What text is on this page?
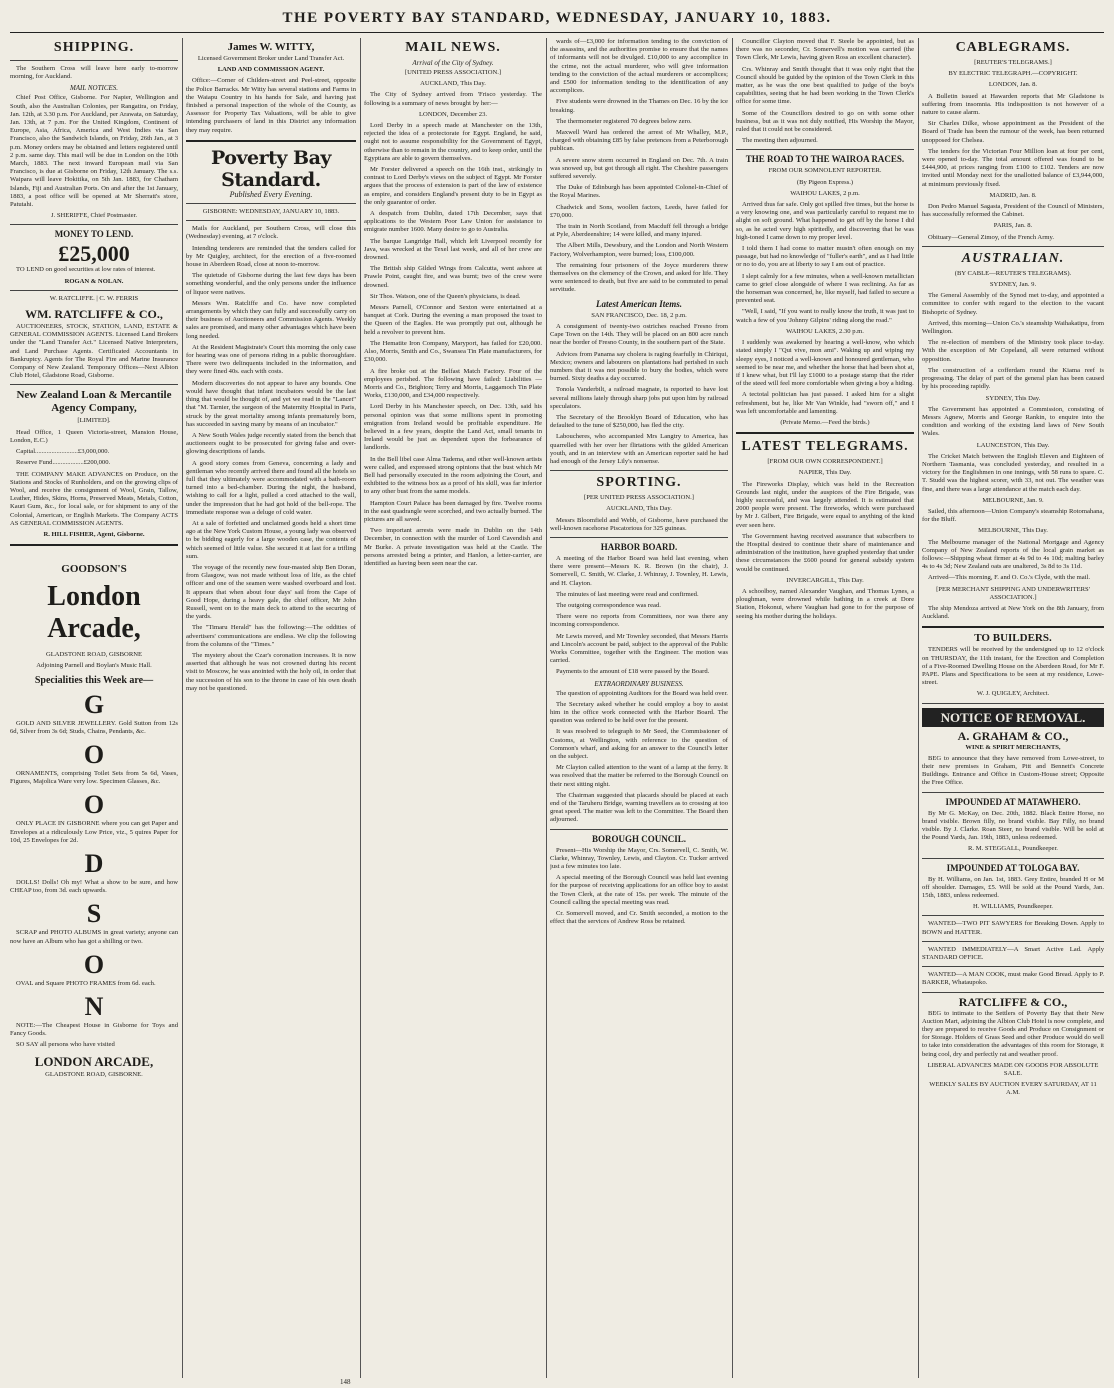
THE POVERTY BAY STANDARD, WEDNESDAY, JANUARY 10, 1883.
SHIPPING.

The Southern Cross will leave here early to-morrow morning, for Auckland.

MAIL NOTICES.

Chief Post Office, Gisborne. For Napier, Wellington and South, also the Australian Colonies, per Rangatira, on Friday, Jan. 12th, at 3.30 p.m. For Auckland, per Arawata, on Saturday, Jan. 13th, at 7 p.m. For the United Kingdom, Continent of Europe, Asia, Africa, America and West Indies via San Francisco, also the Sandwich Islands, on Friday, 26th Jan., at 3 p.m. Money orders may be obtained and letters registered until 2 p.m. same day. This mail will be due in London on the 10th March, 1883. The next inward European mail via San Francisco, is due at Gisborne on Friday, 12th January. The s.s. Waipara will leave Hokitika, on 5th Jan. 1883, for Chatham Islands, Fiji and Australian Ports. On and after the 1st January, 1883, a post office will be opened at Mr Sherratt's store, Patutahi.

J. SHERIFFE, Chief Postmaster.

MONEY TO LEND.
£25,000

TO LEND on good securities at low rates of interest.

ROGAN & NOLAN.

W. RATCLIFFE. | C. W. FERRIS

WM. RATCLIFFE & CO.,

AUCTIONEERS, STOCK, STATION, LAND, ESTATE & GENERAL COMMISSION AGENTS. Licensed Land Brokers under the "Land Transfer Act." Licensed Native Interpreters, and Land Purchase Agents. Certificated Accountants in Bankruptcy. Agents for The Royal Fire and Marine Insurance Company of New Zealand. Temporary Offices—Next Albion Club Hotel, Gladstone Road, Gisborne.

New Zealand Loan & Mercantile Agency Company,

[LIMITED].

Head Office, 1 Queen Victoria-street, Mansion House, London, E.C.)

Capital..........................£3,000,000.

Reserve Fund...................£200,000.

THE COMPANY MAKE ADVANCES on Produce, on the Stations and Stocks of Runholders, and on the growing clips of Wool, and receive the consignment of Wool, Grain, Tallow, Leather, Hides, Skins, Horns, Preserved Meats, Metals, Cotton, Kauri Gum, &c., for local sale, or for shipment to any of the Colonial, American, or English Markets. The Company ACTS AS GENERAL COMMISSION AGENTS.

R. HILL FISHER, Agent, Gisborne.

GOODSON'S
London Arcade,

GLADSTONE ROAD, GISBORNE

Adjoining Parnell and Boylan's Music Hall.

Specialities this Week are—
G

GOLD AND SILVER JEWELLERY. Gold Sutton from 12s 6d, Silver from 3s 6d; Studs, Chains, Pendants, &c.

O

ORNAMENTS, comprising Toilet Sets from 5s 6d, Vases, Figures, Majolica Ware very low. Specimen Glasses, &c.

O

ONLY PLACE IN GISBORNE where you can get Paper and Envelopes at a ridiculously Low Price, viz., 5 quires Paper for 10d, 25 Envelopes for 2d.

D

DOLLS! Dolls! Oh my! What a show to be sure, and how CHEAP too, from 3d. each upwards.

S

SCRAP and PHOTO ALBUMS in great variety; anyone can now have an Album who has got a shilling or two.

O

OVAL and Square PHOTO FRAMES from 6d. each.

N

NOTE:—The Cheapest House in Gisborne for Toys and Fancy Goods.

SO SAY all persons who have visited

LONDON ARCADE,

GLADSTONE ROAD, GISBORNE.

James W. WITTY,

Licensed Government Broker under Land Transfer Act.

LAND AND COMMISSION AGENT.

Office:—Corner of Childers-street and Peel-street, opposite the Police Barracks. Mr Witty has several stations and Farms in the Waiapu Country in his hands for Sale, and having just finished a personal inspection of the whole of the County, as Assessor for Property Tax Valuations, will be able to give intending purchasers of land in this District any information they may require.

Poverty Bay Standard.

Published Every Evening.

GISBORNE: WEDNESDAY, JANUARY 10, 1883.

Mails for Auckland, per Southern Cross, will close this (Wednesday) evening, at 7 o'clock.

Intending tenderers are reminded that the tenders called for by Mr Quigley, architect, for the erection of a five-roomed house in Aberdeen Road, close at noon to-morrow.

The quietude of Gisborne during the last few days has been something wonderful, and the only persons under the influence of liquor were natives.

Messrs Wm. Ratcliffe and Co. have now completed arrangements by which they can fully and successfully carry on their business of Auctioneers and Commission Agents. Weekly sales are promised, and many other advantages which have been long needed.

At the Resident Magistrate's Court this morning the only case for hearing was one of persons riding in a public thoroughfare. There were two delinquents included in the information, and they were fined 40s. each with costs.

Modern discoveries do not appear to have any bounds. One would have thought that infant incubators would be the last thing that would be thought of, and yet we read in the "Lancet" that "M. Tarnier, the surgeon of the Maternity Hospital in Paris, struck by the great mortality among infants prematurely born, has succeeded in saving many by means of an incubator."

A New South Wales judge recently stated from the bench that auctioneers ought to be prosecuted for giving false and over-glowing descriptions of lands.

A good story comes from Geneva, concerning a lady and gentleman who recently arrived there and found all the hotels so full that they ultimately were accommodated with a bath-room turned into a bed-chamber. During the night, the husband, wishing to call for a light, pulled a cord attached to the wall, under the impression that he had got hold of the bell-rope. The immediate response was a deluge of cold water.

At a sale of forfeited and unclaimed goods held a short time ago at the New York Custom House, a young lady was observed to be bidding eagerly for a large wooden case, the contents of which seemed of little value. She secured it at last for a trifling sum.

The voyage of the recently new four-masted ship Ben Doran, from Glasgow, was not made without loss of life, as the chief officer and one of the seamen were washed overboard and lost. It appears that when about four days' sail from the Cape of Good Hope, during a heavy gale, the chief officer, Mr John Russell, went on to the main deck to attend to the securing of the yards.

The "Timaru Herald" has the following:—The oddities of advertisers' communications are endless. We clip the following from the columns of the "Times."

The mystery about the Czar's coronation increases. It is now asserted that although he was not crowned during his recent visit to Moscow, he was anointed with the holy oil, in order that the succession of his son to the throne in case of his own death may not be questioned.

148
MAIL NEWS.
Arrival of the City of Sydney.

[UNITED PRESS ASSOCIATION.]

AUCKLAND, This Day.

The City of Sydney arrived from 'Frisco yesterday. The following is a summary of news brought by her:—

LONDON, December 23.

Lord Derby in a speech made at Manchester on the 13th, rejected the idea of a protectorate for Egypt. England, he said, ought not to assume responsibility for the Government of Egypt, otherwise than to remain in the country, and to keep order, until the Egyptians are able to govern themselves.

Mr Forster delivered a speech on the 16th inst., strikingly in contrast to Lord Derby's views on the subject of Egypt. Mr Forster argues that the process of extension is part of the law of existence as empire, and considers England's present duty to be in Egypt as the only guarantor of order.

A despatch from Dublin, dated 17th December, says that applications to the Western Poor Law Union for assistance to emigrate number 1600. Many desire to go to Australia.

The barque Langridge Hall, which left Liverpool recently for Java, was wrecked at the Texel last week, and all of her crew are drowned.

The British ship Gilded Wings from Calcutta, went ashore at Prawle Point, caught fire, and was burnt; two of the crew were drowned.

Sir Thos. Watson, one of the Queen's physicians, is dead.

Messrs Parnell, O'Connor and Sexton were entertained at a banquet at Cork. During the evening a man proposed the toast to the Queen of the Eagles. He was promptly put out, although he held a revolver to prevent him.

The Hematite Iron Company, Maryport, has failed for £20,000. Also, Morris, Smith and Co., Swansea Tin Plate manufacturers, for £30,000.

A fire broke out at the Belfast Match Factory. Four of the employees perished. The following have failed: Liabilities — Morris and Co., Brighton; Terry and Morris, Laggamoch Tin Plate Works, £130,000, and £34,000 respectively.

Lord Derby in his Manchester speech, on Dec. 13th, said his personal opinion was that some millions spent in promoting emigration from Ireland would be profitable expenditure. He believed in a few years, despite the Land Act, small tenants in Ireland would be just as dependent upon the forbearance of landlords.

In the Bell libel case Alma Tadema, and other well-known artists were called, and expressed strong opinions that the bust which Mr Bell had personally executed in the room adjoining the Court, and exhibited to the witness box as a proof of his skill, was far inferior to any other bust from the same models.

Hampton Court Palace has been damaged by fire. Twelve rooms in the east quadrangle were scorched, and two actually burned. The pictures are all saved.

Two important arrests were made in Dublin on the 14th December, in connection with the murder of Lord Cavendish and Mr Burke. A private investigation was held at the Castle. The persons arrested being a printer, and Hanlon, a letter-carrier, are identified as having been seen near the car.

wards of—£3,000 for information tending to the conviction of the assassins, and the authorities promise to ensure that the names of informants will not be divulged. £10,000 to any accomplice in the crime, not the actual murderer, who will give information tending to the conviction of the actual murderers or accomplices; and £500 for information tending to the identification of any accomplices.

Five students were drowned in the Thames on Dec. 16 by the ice breaking.

The thermometer registered 70 degrees below zero.

Maxwell Ward has ordered the arrest of Mr Whalley, M.P., charged with obtaining £85 by false pretences from a Peterborough publican.

A severe snow storm occurred in England on Dec. 7th. A train was snowed up, but got through all right. The Cheshire passengers suffered severely.

The Duke of Edinburgh has been appointed Colonel-in-Chief of the Royal Marines.

Chadwick and Sons, woollen factors, Leeds, have failed for £70,000.

The train in North Scotland, from Macduff fell through a bridge at Pyle, Aberdeenshire; 14 were killed, and many injured.

The Albert Mills, Dewsbury, and the London and North Western Factory, Wolverhampton, were burned; loss, £100,000.

The remaining four prisoners of the Joyce murderers threw themselves on the clemency of the Crown, and asked for life. They were sentenced to death, but five are said to be commuted to penal servitude.

Latest American Items.

SAN FRANCISCO, Dec. 18, 2 p.m.

A consignment of twenty-two ostriches reached Fresno from Cape Town on the 14th. They will be placed on an 800 acre ranch near the border of Fresno County, in the southern part of the State.

Advices from Panama say cholera is raging fearfully in Chiriqui, Mexico; owners and labourers on plantations had perished in such numbers that it was not possible to bury the bodies, which were burned. Sixty deaths a day occurred.

Tonola Vanderbilt, a railroad magnate, is reported to have lost several millions lately through sharp jobs put upon him by railroad speculators.

The Secretary of the Brooklyn Board of Education, who has defaulted to the tune of $250,000, has fled the city.

Laboucheres, who accompanied Mrs Langtry to America, has quarrelled with her over her flirtations with the gilded American youth, and in an interview with an American reporter said he had had enough of the Jersey Lily's nonsense.

SPORTING.

[PER UNITED PRESS ASSOCIATION.]

AUCKLAND, This Day.

Messrs Bloomfield and Webb, of Gisborne, have purchased the well-known racehorse Piscatorious for 325 guineas.

HARBOR BOARD.

A meeting of the Harbor Board was held last evening, when there were present—Messrs K. R. Brown (in the chair), J. Somervell, C. Smith, W. Clarke, J. Whinray, J. Townley, H. Lewis, and H. Clayton.

The minutes of last meeting were read and confirmed.

The outgoing correspondence was read.

There were no reports from Committees, nor was there any incoming correspondence.

Mr Lewis moved, and Mr Townley seconded, that Messrs Harris and Lincoln's account be paid, subject to the approval of the Public Works Committee, together with the Engineer. The motion was carried.

Payments to the amount of £18 were passed by the Board.

EXTRAORDINARY BUSINESS.

The question of appointing Auditors for the Board was held over.

The Secretary asked whether he could employ a boy to assist him in the office work connected with the Harbor Board. The question was ordered to be held over for the present.

It was resolved to telegraph to Mr Seed, the Commissioner of Customs, at Wellington, with reference to the question of Common's wharf, and asking for an answer to the Council's letter on the subject.

Mr Clayton called attention to the want of a lamp at the ferry. It was resolved that the matter be referred to the Borough Council on their next sitting night.

The Chairman suggested that placards should be placed at each end of the Taruheru Bridge, warning travellers as to crossing at too great speed. The matter was left to the Committee. The Board then adjourned.

BOROUGH COUNCIL.

Present—His Worship the Mayor, Crs. Somervell, C. Smith, W. Clarke, Whinray, Townley, Lewis, and Clayton. Cr. Tucker arrived just a few minutes too late.

A special meeting of the Borough Council was held last evening for the purpose of receiving applications for an office boy to assist the Town Clerk, at the rate of 15s. per week. The minute of the Council calling the special meeting was read.

Cr. Somervell moved, and Cr. Smith seconded, a motion to the effect that the services of Andrew Ross be retained.

Councillor Clayton moved that F. Steele be appointed, but as there was no seconder, Cr. Somervell's motion was carried (the Town Clerk, Mr Lewis, having given Ross an excellent character).

Crs. Whinray and Smith thought that it was only right that the Council should be guided by the opinion of the Town Clerk in this matter, as he was the one best qualified to judge of the boy's capabilities, seeing that he had been working in the Town Clerk's office for some time.

Some of the Councillors desired to go on with some other business, but as it was not duly notified, His Worship the Mayor, ruled that it could not be considered.

The meeting then adjourned.

THE ROAD TO THE WAIROA RACES.

FROM OUR SOMNOLENT REPORTER.

(By Pigeon Express.)

WAIHOU LAKES, 2 p.m.

Arrived thus far safe. Only got spilled five times, but the horse is a very knowing one, and was particularly careful to request me to alight on soft ground. What happened to get off by the horse I did so, as he acted very high spiritedly, and discovering that he was high-toned I came down to my proper level.

I told them I had come to matter mustn't often enough on my passage, but had no knowledge of "fuller's earth", and as I had little or no to do, you are at liberty to say I am out of practice.

I slept calmly for a few minutes, when a well-known metallician came to grief close alongside of where I was reclining. As far as the horseman was concerned, he, like myself, had failed to secure a prevented seat.

"Well, I said, "If you want to really know the truth, it was just to watch a few of you 'Johnny Gilpins' riding along the road."

WAIHOU LAKES, 2.30 p.m.

I suddenly was awakened by hearing a well-know, who which stated simply I "Qui vive, mon ami". Waking up and wiping my sleepy eyes, I noticed a well-known and honoured gentleman, who seemed to be near me, and whether the horse that had been shot at, if I knew what, but I'll lay £1000 to a postage stamp that the rider of the steed will feel more comfortable when giving a boy a hiding.

A tectotal politician has just passed. I asked him for a slight refreshment, but he, like Mr Van Winkle, had "sworn off," and I was left uncomfortable and lamenting.

(Private Memo.—Feed the birds.)

LATEST TELEGRAMS.

[FROM OUR OWN CORRESPONDENT.]

NAPIER, This Day.

The Fireworks Display, which was held in the Recreation Grounds last night, under the auspices of the Fire Brigade, was highly successful, and was largely attended. It is estimated that 2000 people were present. The fireworks, which were purchased by Mr J. Gilbert, Fire Brigade, were equal to anything of the kind ever seen here.

The Government having received assurance that subscribers to the Hospital desired to continue their share of maintenance and administration of the institution, have graphed yesterday that under these circumstances the £600 pound for general subsidy system would be continued.

INVERCARGILL, This Day.

A schoolboy, named Alexander Vaughan, and Thomas Lynes, a ploughman, were drowned while bathing in a creek at Dore Station, Hokonui, where Vaughan had gone to for the purpose of seeing his mother during the holidays.

CABLEGRAMS.

[REUTER'S TELEGRAMS.]

BY ELECTRIC TELEGRAPH.—COPYRIGHT.

LONDON, Jan. 8.

A Bulletin issued at Hawarden reports that Mr Gladstone is suffering from insomnia. His indisposition is not however of a nature to cause alarm.

Sir Charles Dilke, whose appointment as the President of the Board of Trade has been the rumour of the week, has been returned unopposed for Chelsea.

The tenders for the Victorian Four Million loan at four per cent, were opened to-day. The total amount offered was found to be £444,900, at prices ranging from £100 to £102. Tenders are now invited until Monday next for the unallotted balance of £3,944,000, at minimum previously fixed.

MADRID, Jan. 8.

Don Pedro Manuel Sagasta, President of the Council of Ministers, has successfully reformed the Cabinet.

PARIS, Jan. 8.

Obituary—General Zimoy, of the French Army.

AUSTRALIAN.

(BY CABLE—REUTER'S TELEGRAMS).

SYDNEY, Jan. 9.

The General Assembly of the Synod met to-day, and appointed a committee to confer with regard to the election to the vacant Bishopric of Sydney.

Arrived, this morning—Union Co.'s steamship Waihakatipu, from Wellington.

The re-election of members of the Ministry took place to-day. With the exception of Mr Copeland, all were returned without opposition.

The construction of a cofferdam round the Kiama reef is progressing. The delay of part of the general plan has been caused by his proceeding rapidly.

SYDNEY, This Day.

The Government has appointed a Commission, consisting of Messrs Agnew, Morris and George Rankin, to enquire into the condition and working of the existing land laws of New South Wales.

LAUNCESTON, This Day.

The Cricket Match between the English Eleven and Eighteen of Northern Tasmania, was concluded yesterday, and resulted in a victory for the Englishmen in one innings, with 58 runs to spare. C. T. Studd was the highest scorer, with 33, not out. The weather was fine, and there was a large attendance at the match each day.

MELBOURNE, Jan. 9.

Sailed, this afternoon—Union Company's steamship Rotomahana, for the Bluff.

MELBOURNE, This Day.

The Melbourne manager of the National Mortgage and Agency Company of New Zealand reports of the local grain market as follows:—Shipping wheat firmer at 4s 9d to 4s 10d; malting barley 4s to 4s 3d; New Zealand oats are unaltered, 3s 8d to 3s 11d.

Arrived—This morning, F. and O. Co.'s Clyde, with the mail.

[PER MERCHANT SHIPPING AND UNDERWRITERS' ASSOCIATION.]

The ship Mendoza arrived at New York on the 8th January, from Auckland.

TO BUILDERS.

TENDERS will be received by the undersigned up to 12 o'clock on THURSDAY, the 11th instant, for the Erection and Completion of a Five-Roomed Dwelling House on the Aberdeen Road, for Mr F. PAPE. Plans and Specifications to be seen at my residence, Lowe-street.

W. J. QUIGLEY, Architect.

NOTICE OF REMOVAL.
A. GRAHAM & CO.,

WINE & SPIRIT MERCHANTS,

BEG to announce that they have removed from Lowe-street, to their new premises in Graham, Pitt and Bennett's Concrete Buildings. Entrance and Office in Custom-House street; Opposite the Free Office.

IMPOUNDED AT MATAWHERO.

By Mr G. McKay, on Dec. 20th, 1882. Black Entire Horse, no brand visible. Brown filly, no brand visible. Bay Filly, no brand visible. By J. Clarke. Roan Steer, no brand visible. Will be sold at the Pound Yards, Jan. 19th, 1883, unless redeemed.

R. M. STEGGALL, Poundkeeper.

IMPOUNDED AT TOLOGA BAY.

By H. Williams, on Jan. 1st, 1883. Grey Entire, branded H or M off shoulder. Damages, £5. Will be sold at the Pound Yards, Jan. 15th, 1883, unless redeemed.

H. WILLIAMS, Poundkeeper.

WANTED—TWO PIT SAWYERS for Breaking Down. Apply to BOWN and HATTER.

WANTED IMMEDIATELY—A Smart Active Lad. Apply STANDARD OFFICE.

WANTED—A MAN COOK, must make Good Bread. Apply to P. BARKER, Whataupoko.

RATCLIFFE & CO.,

BEG to intimate to the Settlers of Poverty Bay that their New Auction Mart, adjoining the Albion Club Hotel is now complete, and they are prepared to receive Goods and Produce on Consignment or for Storage. Holders of Grass Seed and other Produce would do well to take into consideration the advantages of this room for Storage, it being cool, dry and perfectly rat and weather proof.

LIBERAL ADVANCES MADE ON GOODS FOR ABSOLUTE SALE.

WEEKLY SALES BY AUCTION EVERY SATURDAY, AT 11 A.M.
